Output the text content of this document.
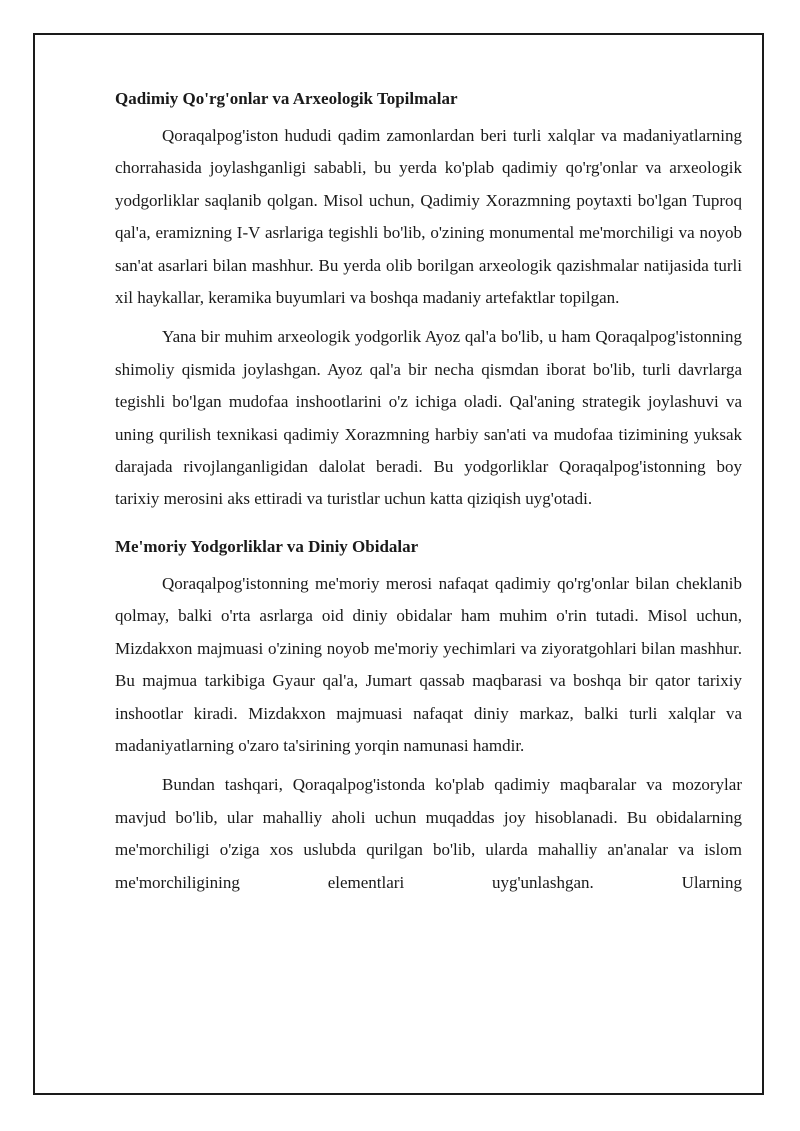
Qadimiy Qo'rg'onlar va Arxeologik Topilmalar

Qoraqalpog'iston hududi qadim zamonlardan beri turli xalqlar va madaniyatlarning chorrahasida joylashganligi sababli, bu yerda ko'plab qadimiy qo'rg'onlar va arxeologik yodgorliklar saqlanib qolgan. Misol uchun, Qadimiy Xorazmning poytaxti bo'lgan Tuproq qal'a, eramizning I-V asrlariga tegishli bo'lib, o'zining monumental me'morchiligi va noyob san'at asarlari bilan mashhur. Bu yerda olib borilgan arxeologik qazishmalar natijasida turli xil haykallar, keramika buyumlari va boshqa madaniy artefaktlar topilgan.

Yana bir muhim arxeologik yodgorlik Ayoz qal'a bo'lib, u ham Qoraqalpog'istonning shimoliy qismida joylashgan. Ayoz qal'a bir necha qismdan iborat bo'lib, turli davrlarga tegishli bo'lgan mudofaa inshootlarini o'z ichiga oladi. Qal'aning strategik joylashuvi va uning qurilish texnikasi qadimiy Xorazmning harbiy san'ati va mudofaa tizimining yuksak darajada rivojlanganligidan dalolat beradi. Bu yodgorliklar Qoraqalpog'istonning boy tarixiy merosini aks ettiradi va turistlar uchun katta qiziqish uyg'otadi.

Me'moriy Yodgorliklar va Diniy Obidalar

Qoraqalpog'istonning me'moriy merosi nafaqat qadimiy qo'rg'onlar bilan cheklanib qolmay, balki o'rta asrlarga oid diniy obidalar ham muhim o'rin tutadi. Misol uchun, Mizdakxon majmuasi o'zining noyob me'moriy yechimlari va ziyoratgohlari bilan mashhur. Bu majmua tarkibiga Gyaur qal'a, Jumart qassab maqbarasi va boshqa bir qator tarixiy inshootlar kiradi. Mizdakxon majmuasi nafaqat diniy markaz, balki turli xalqlar va madaniyatlarning o'zaro ta'sirining yorqin namunasi hamdir.

Bundan tashqari, Qoraqalpog'istonda ko'plab qadimiy maqbaralar va mozorylar mavjud bo'lib, ular mahalliy aholi uchun muqaddas joy hisoblanadi. Bu obidalarning me'morchiligi o'ziga xos uslubda qurilgan bo'lib, ularda mahalliy an'analar va islom me'morchiligining elementlari uyg'unlashgan. Ularning
